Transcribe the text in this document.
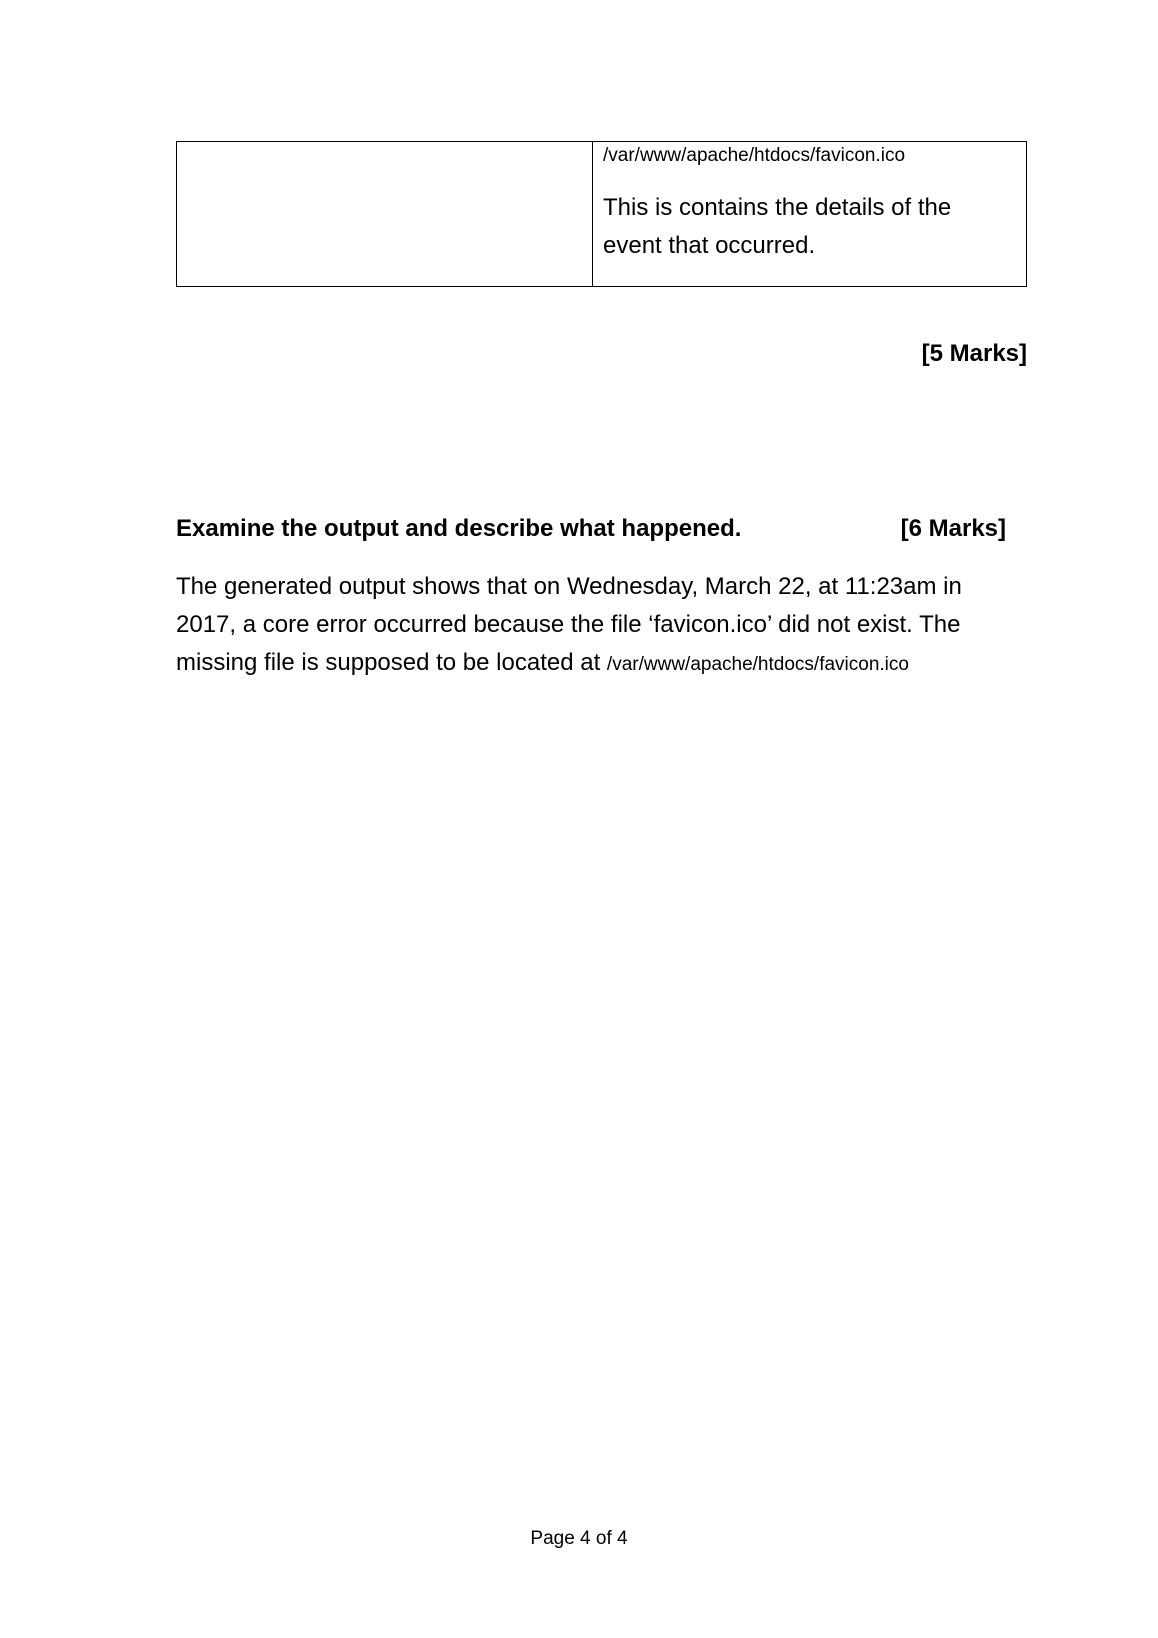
/var/www/apache/htdocs/favicon.ico

This is contains the details of the event that occurred.

[5 Marks]

Examine the output and describe what happened.	[6 Marks]

The generated output shows that on Wednesday, March 22, at 11:23am in 2017, a core error occurred because the file ‘favicon.ico’ did not exist. The missing file is supposed to be located at /var/www/apache/htdocs/favicon.ico

Page 4 of 4
